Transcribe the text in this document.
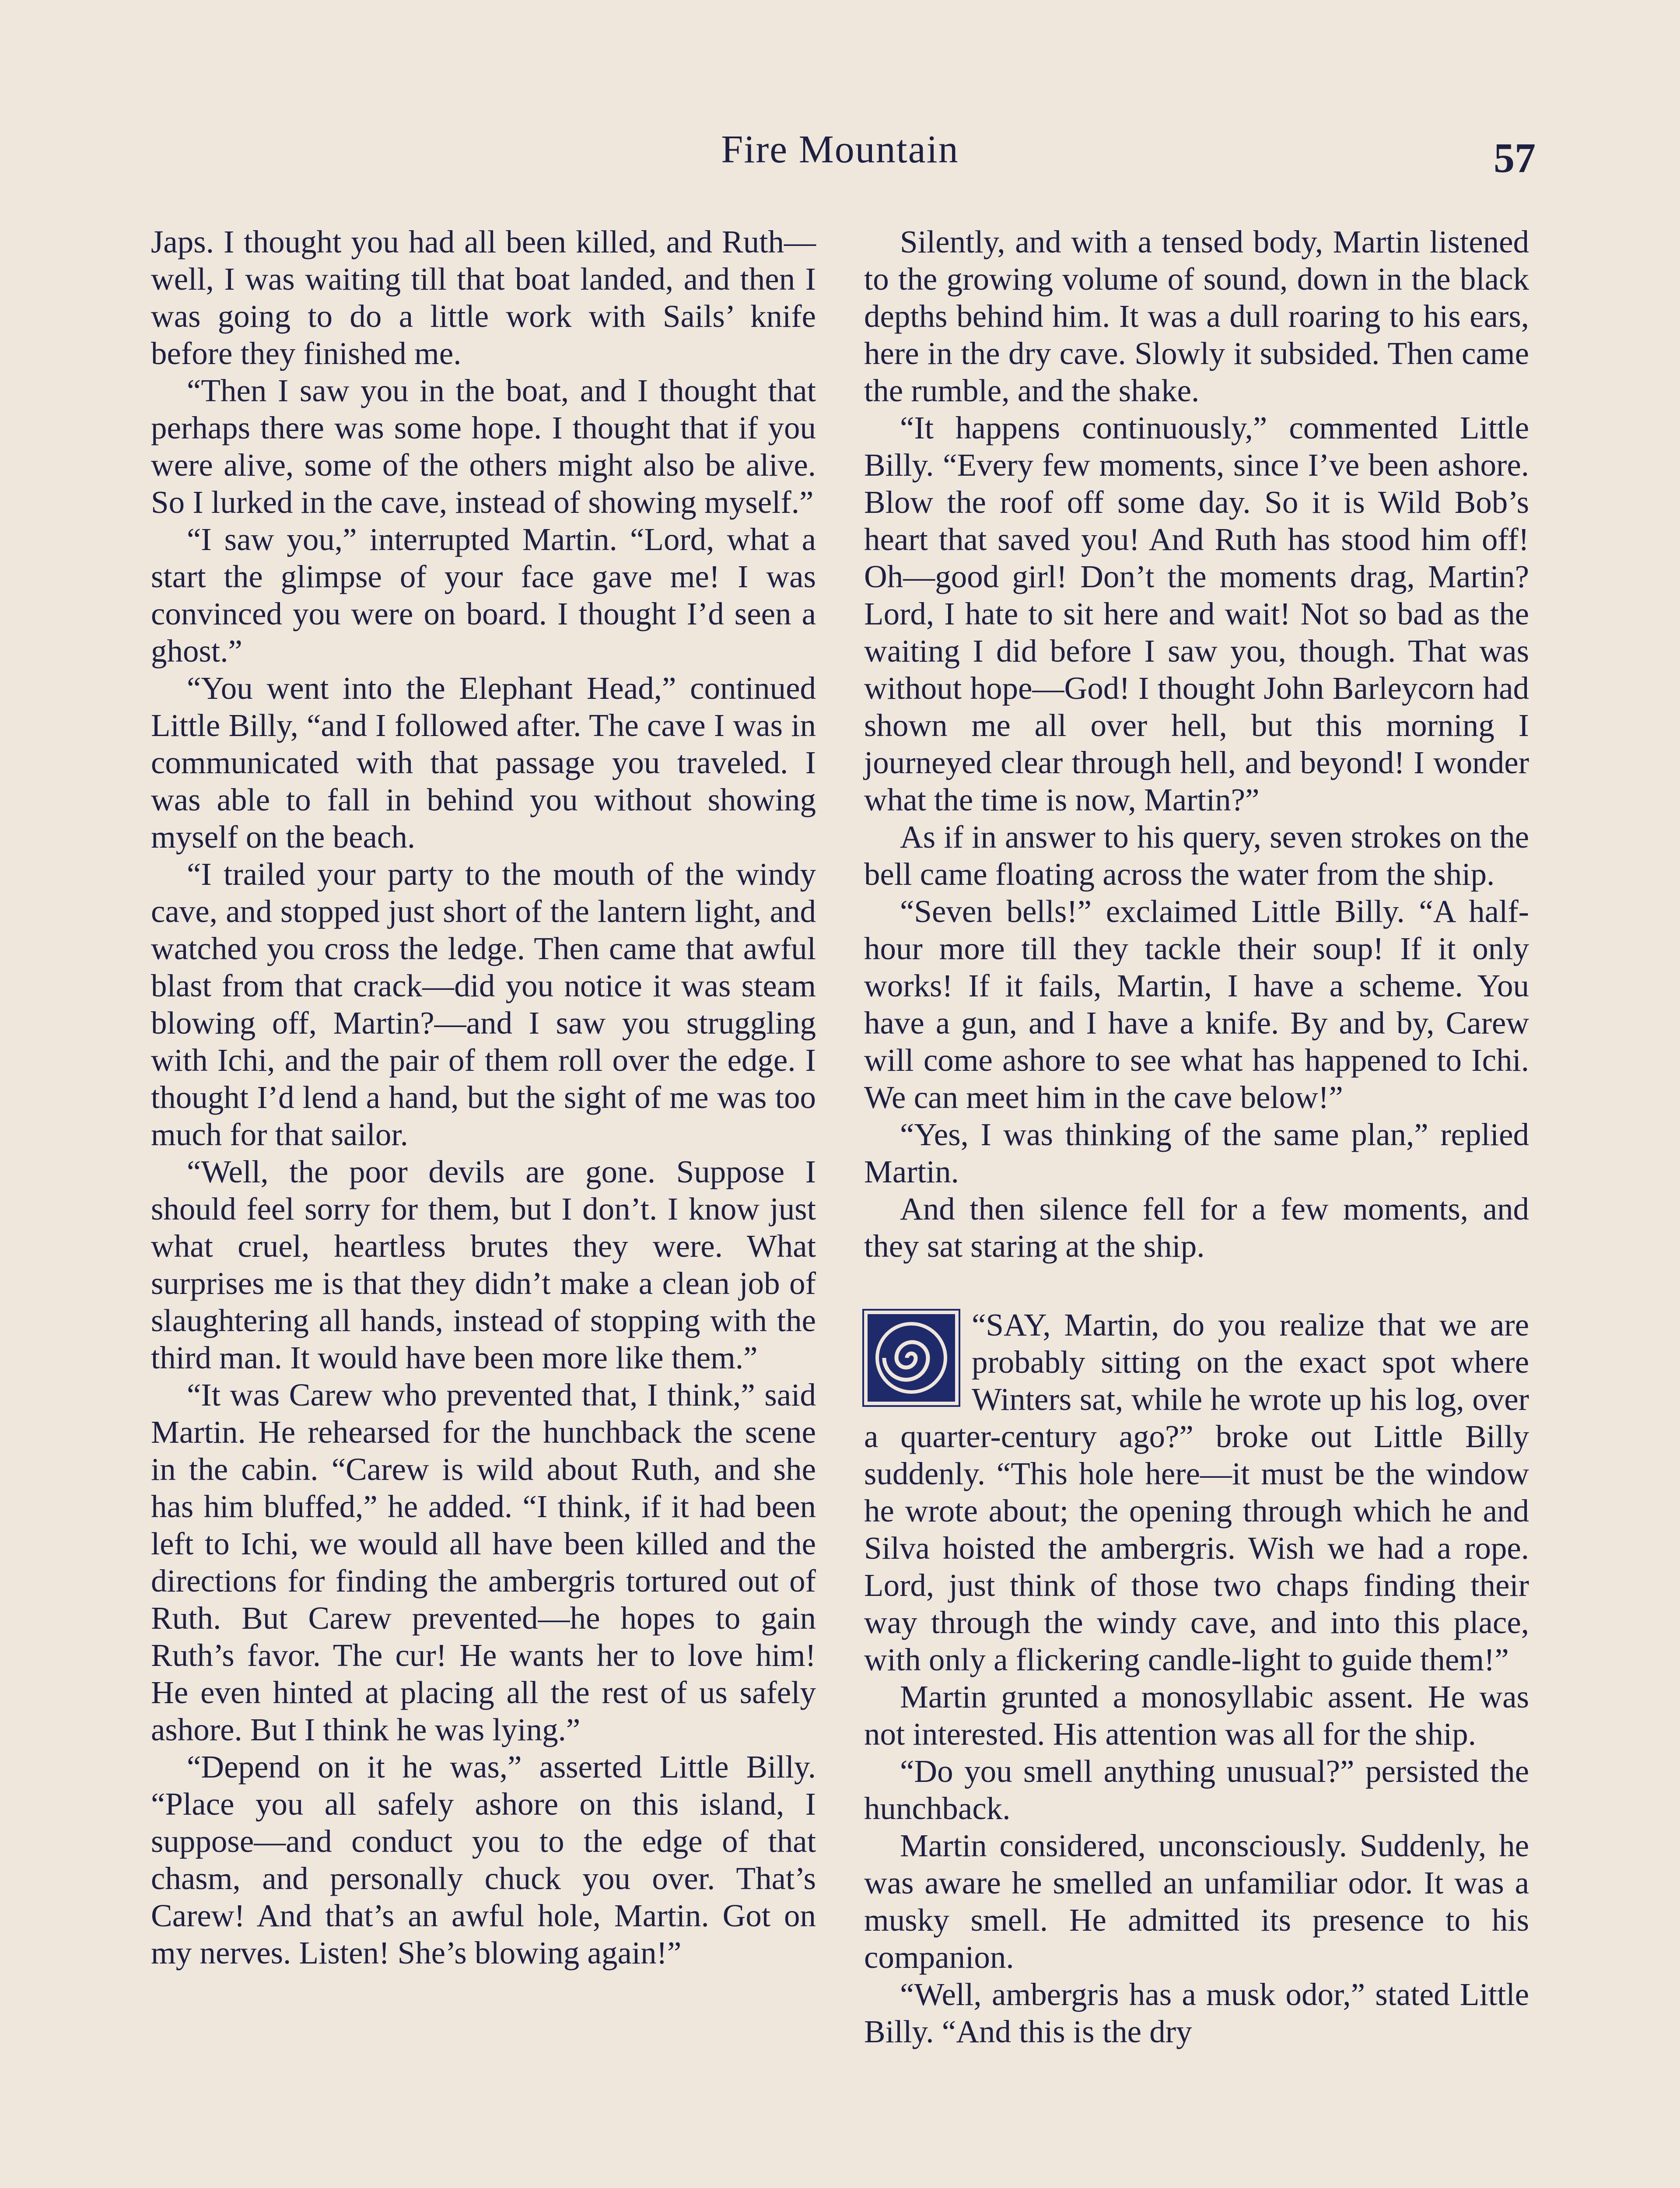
Fire Mountain	57

Japs. I thought you had all been killed, and Ruth—well, I was waiting till that boat landed, and then I was going to do a little work with Sails’ knife before they finished me.

“Then I saw you in the boat, and I thought that perhaps there was some hope. I thought that if you were alive, some of the others might also be alive. So I lurked in the cave, instead of showing myself.”

“I saw you,” interrupted Martin. “Lord, what a start the glimpse of your face gave me! I was convinced you were on board. I thought I’d seen a ghost.”

“You went into the Elephant Head,” continued Little Billy, “and I followed after. The cave I was in communicated with that passage you traveled. I was able to fall in behind you without showing myself on the beach.

“I trailed your party to the mouth of the windy cave, and stopped just short of the lantern light, and watched you cross the ledge. Then came that awful blast from that crack—did you notice it was steam blowing off, Martin?—and I saw you struggling with Ichi, and the pair of them roll over the edge. I thought I’d lend a hand, but the sight of me was too much for that sailor.

“Well, the poor devils are gone. Suppose I should feel sorry for them, but I don’t. I know just what cruel, heartless brutes they were. What surprises me is that they didn’t make a clean job of slaughtering all hands, instead of stopping with the third man. It would have been more like them.”

“It was Carew who prevented that, I think,” said Martin. He rehearsed for the hunchback the scene in the cabin. “Carew is wild about Ruth, and she has him bluffed,” he added. “I think, if it had been left to Ichi, we would all have been killed and the directions for finding the ambergris tortured out of Ruth. But Carew prevented—he hopes to gain Ruth’s favor. The cur! He wants her to love him! He even hinted at placing all the rest of us safely ashore. But I think he was lying.”

“Depend on it he was,” asserted Little Billy. “Place you all safely ashore on this island, I suppose—and conduct you to the edge of that chasm, and personally chuck you over. That’s Carew! And that’s an awful hole, Martin. Got on my nerves. Listen! She’s blowing again!”

Silently, and with a tensed body, Martin listened to the growing volume of sound, down in the black depths behind him. It was a dull roaring to his ears, here in the dry cave. Slowly it subsided. Then came the rumble, and the shake.

“It happens continuously,” commented Little Billy. “Every few moments, since I’ve been ashore. Blow the roof off some day. So it is Wild Bob’s heart that saved you! And Ruth has stood him off! Oh—good girl! Don’t the moments drag, Martin? Lord, I hate to sit here and wait! Not so bad as the waiting I did before I saw you, though. That was without hope—God! I thought John Barleycorn had shown me all over hell, but this morning I journeyed clear through hell, and beyond! I wonder what the time is now, Martin?”

As if in answer to his query, seven strokes on the bell came floating across the water from the ship.

“Seven bells!” exclaimed Little Billy. “A half-hour more till they tackle their soup! If it only works! If it fails, Martin, I have a scheme. You have a gun, and I have a knife. By and by, Carew will come ashore to see what has happened to Ichi. We can meet him in the cave below!”

“Yes, I was thinking of the same plan,” replied Martin.

And then silence fell for a few moments, and they sat staring at the ship.

“SAY, Martin, do you realize that we are probably sitting on the exact spot where Winters sat, while he wrote up his log, over a quarter-century ago?” broke out Little Billy suddenly. “This hole here—it must be the window he wrote about; the opening through which he and Silva hoisted the ambergris. Wish we had a rope. Lord, just think of those two chaps finding their way through the windy cave, and into this place, with only a flickering candle-light to guide them!”

Martin grunted a monosyllabic assent. He was not interested. His attention was all for the ship.

“Do you smell anything unusual?” persisted the hunchback.

Martin considered, unconsciously. Suddenly, he was aware he smelled an unfamiliar odor. It was a musky smell. He admitted its presence to his companion.

“Well, ambergris has a musk odor,” stated Little Billy. “And this is the dry
